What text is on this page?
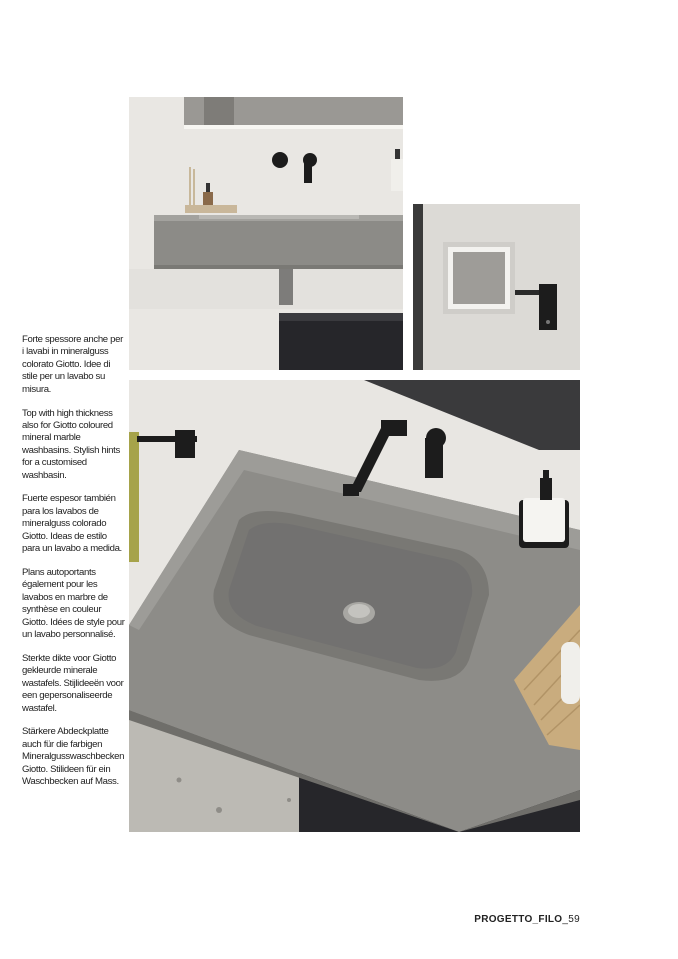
Forte spessore anche per i lavabi in mineralguss colorato Giotto. Idee di stile per un lavabo su misura.

Top with high thickness also for Giotto coloured mineral marble washbasins. Stylish hints for a customised washbasin.

Fuerte espesor también para los lavabos de mineralguss colorado Giotto. Ideas de estilo para un lavabo a medida.

Plans autoportants également pour les lavabos en marbre de synthèse en couleur Giotto. Idées de style pour un lavabo personnalisé.

Sterkte dikte voor Giotto gekleurde minerale wastafels. Stijlideeën voor een gepersonaliseerde wastafel.

Stärkere Abdeckplatte auch für die farbigen Mineralgusswaschbecken Giotto. Stilideen für ein Waschbecken auf Mass.

PROGETTO_FILO_59
